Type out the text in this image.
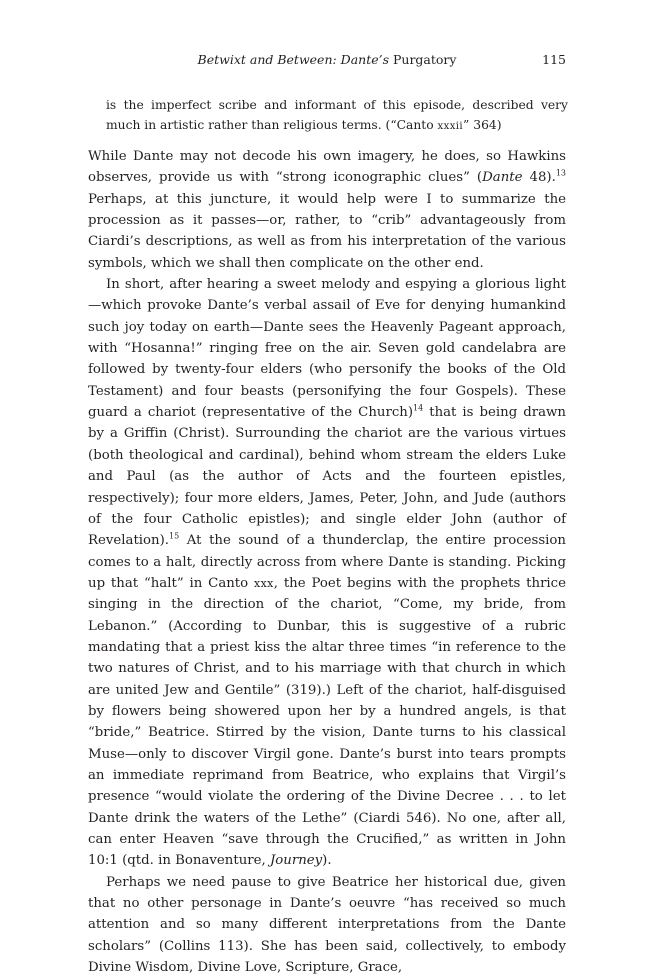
Betwixt and Between: Dante’s Purgatory	115
is the imperfect scribe and informant of this episode, described very much in artistic rather than religious terms. (“Canto xxxii” 364)

While Dante may not decode his own imagery, he does, so Hawkins observes, provide us with “strong iconographic clues” (Dante 48).$^{13}$ Perhaps, at this juncture, it would help were I to summarize the procession as it passes—or, rather, to “crib” advantageously from Ciardi’s descriptions, as well as from his interpretation of the various symbols, which we shall then complicate on the other end.

In short, after hearing a sweet melody and espying a glorious light—which provoke Dante’s verbal assail of Eve for denying humankind such joy today on earth—Dante sees the Heavenly Pageant approach, with “Hosanna!” ringing free on the air. Seven gold candelabra are followed by twenty-four elders (who personify the books of the Old Testament) and four beasts (personifying the four Gospels). These guard a chariot (representative of the Church)$^{14}$ that is being drawn by a Griffin (Christ). Surrounding the chariot are the various virtues (both theological and cardinal), behind whom stream the elders Luke and Paul (as the author of Acts and the fourteen epistles, respectively); four more elders, James, Peter, John, and Jude (authors of the four Catholic epistles); and single elder John (author of Revelation).$^{15}$ At the sound of a thunderclap, the entire procession comes to a halt, directly across from where Dante is standing. Picking up that “halt” in Canto xxx, the Poet begins with the prophets thrice singing in the direction of the chariot, “Come, my bride, from Lebanon.” (According to Dunbar, this is suggestive of a rubric mandating that a priest kiss the altar three times “in reference to the two natures of Christ, and to his marriage with that church in which are united Jew and Gentile” (319).) Left of the chariot, half-disguised by flowers being showered upon her by a hundred angels, is that “bride,” Beatrice. Stirred by the vision, Dante turns to his classical Muse—only to discover Virgil gone. Dante’s burst into tears prompts an immediate reprimand from Beatrice, who explains that Virgil’s presence “would violate the ordering of the Divine Decree . . . to let Dante drink the waters of the Lethe” (Ciardi 546). No one, after all, can enter Heaven “save through the Crucified,” as written in John 10:1 (qtd. in Bonaventure, Journey).

Perhaps we need pause to give Beatrice her historical due, given that no other personage in Dante’s oeuvre “has received so much attention and so many different interpretations from the Dante scholars” (Collins 113). She has been said, collectively, to embody Divine Wisdom, Divine Love, Scripture, Grace,
